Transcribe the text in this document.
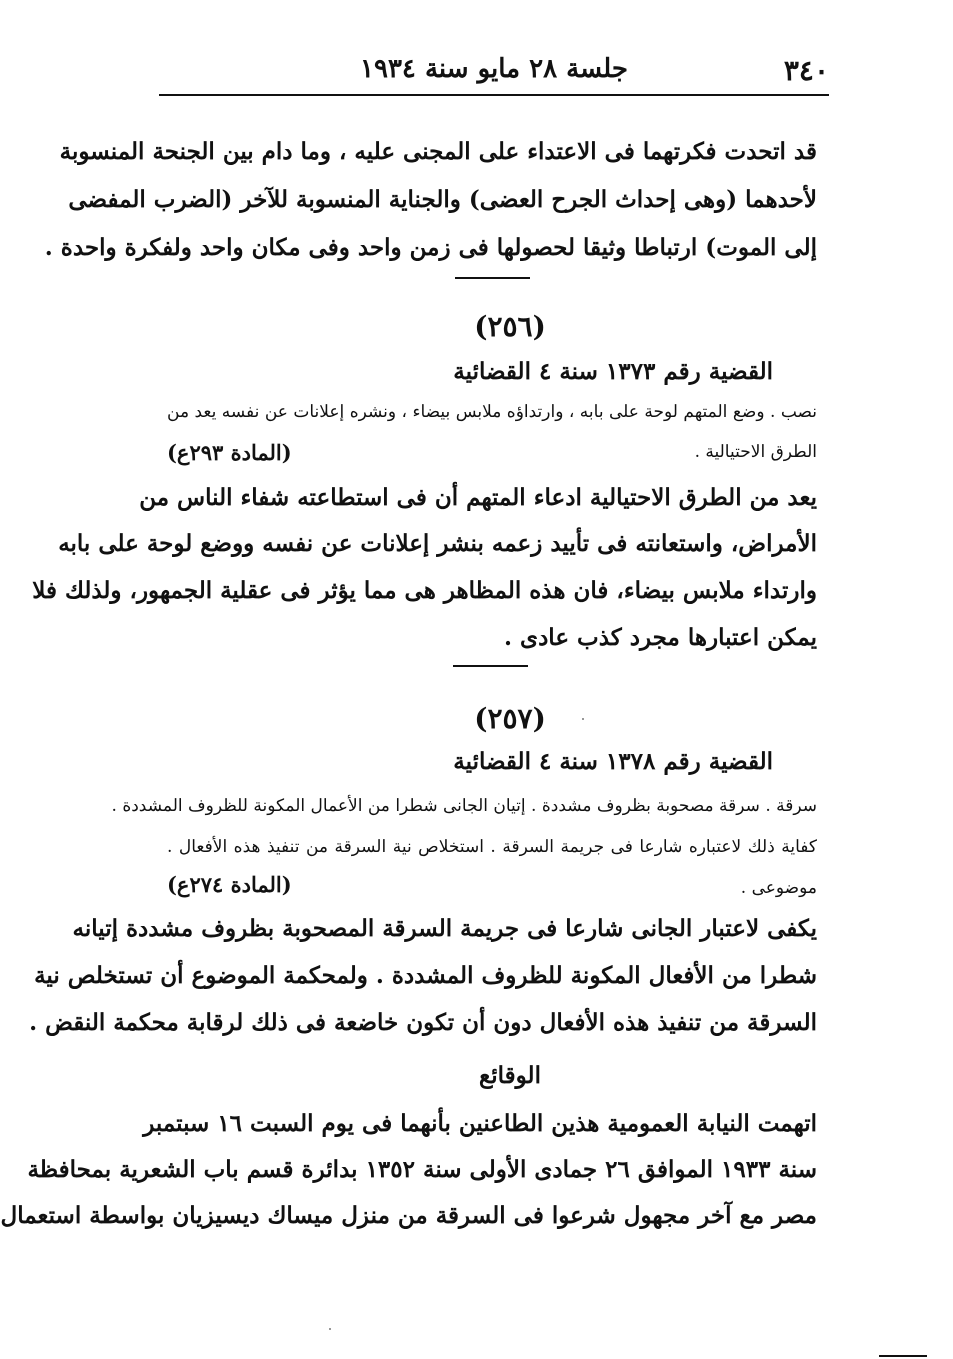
٣٤٠
جلسة ٢٨ مايو سنة ١٩٣٤
قد اتحدت فكرتهما فى الاعتداء على المجنى عليه ، وما دام بين الجنحة المنسوبة
لأحدهما (وهى إحداث الجرح العضى) والجناية المنسوبة للآخر (الضرب المفضى
إلى الموت) ارتباطا وثيقا لحصولها فى زمن واحد وفى مكان واحد ولفكرة واحدة .
(٢٥٦)
القضية رقم ١٣٧٣ سنة ٤ القضائية
نصب . وضع المتهم لوحة على بابه ، وارتداؤه ملابس بيضاء ، ونشره إعلانات عن نفسه يعد من
الطرق الاحتيالية .
(المادة ٢٩٣ع)
يعد من الطرق الاحتيالية ادعاء المتهم أن فى استطاعته شفاء الناس من
الأمراض، واستعانته فى تأييد زعمه بنشر إعلانات عن نفسه ووضع لوحة على بابه
وارتداء ملابس بيضاء، فان هذه المظاهر هى مما يؤثر فى عقلية الجمهور، ولذلك فلا
يمكن اعتبارها مجرد كذب عادى .
(٢٥٧)
القضية رقم ١٣٧٨ سنة ٤ القضائية
سرقة . سرقة مصحوبة بظروف مشددة . إتيان الجانى شطرا من الأعمال المكونة للظروف المشددة .
كفاية ذلك لاعتباره شارعا فى جريمة السرقة . استخلاص نية السرقة من تنفيذ هذه الأفعال .
موضوعى .
(المادة ٢٧٤ع)
يكفى لاعتبار الجانى شارعا فى جريمة السرقة المصحوبة بظروف مشددة إتيانه
شطرا من الأفعال المكونة للظروف المشددة . ولمحكمة الموضوع أن تستخلص نية
السرقة من تنفيذ هذه الأفعال دون أن تكون خاضعة فى ذلك لرقابة محكمة النقض .
الوقائع
اتهمت النيابة العمومية هذين الطاعنين بأنهما فى يوم السبت ١٦ سبتمبر
سنة ١٩٣٣ الموافق ٢٦ جمادى الأولى سنة ١٣٥٢ بدائرة قسم باب الشعرية بمحافظة
مصر مع آخر مجهول شرعوا فى السرقة من منزل ميساك ديسيزيان بواسطة استعمال
